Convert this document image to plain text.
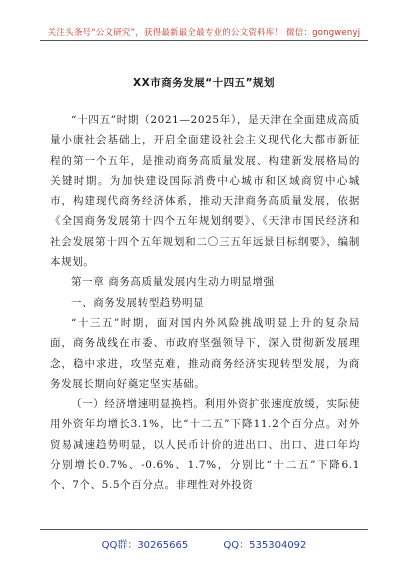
关注头条号“公文研究”，获得最新最全最专业的公文资料库！ 微信：gongwenyj
XX市商务发展“十四五”规划

“十四五”时期（2021—2025年），是天津在全面建成高质量小康社会基础上，开启全面建设社会主义现代化大都市新征程的第一个五年，是推动商务高质量发展、构建新发展格局的关键时期。为加快建设国际消费中心城市和区域商贸中心城市，构建现代商务经济体系，推动天津商务高质量发展，依据《全国商务发展第十四个五年规划纲要》、《天津市国民经济和社会发展第十四个五年规划和二〇三五年远景目标纲要》，编制本规划。

第一章 商务高质量发展内生动力明显增强

一、商务发展转型趋势明显

“十三五”时期，面对国内外风险挑战明显上升的复杂局面，商务战线在市委、市政府坚强领导下，深入贯彻新发展理念，稳中求进，攻坚克难，推动商务经济实现转型发展，为商务发展长期向好奠定坚实基础。

（一）经济增速明显换档。利用外资扩张速度放缓，实际使用外资年均增长3.1%，比“十二五”下降11.2个百分点。对外贸易减速趋势明显，以人民币计价的进出口、出口、进口年均分别增长0.7%、-0.6%、1.7%，分别比“十二五”下降6.1个、7个、5.5个百分点。非理性对外投资

QQ群：30265665	QQ：535304092
